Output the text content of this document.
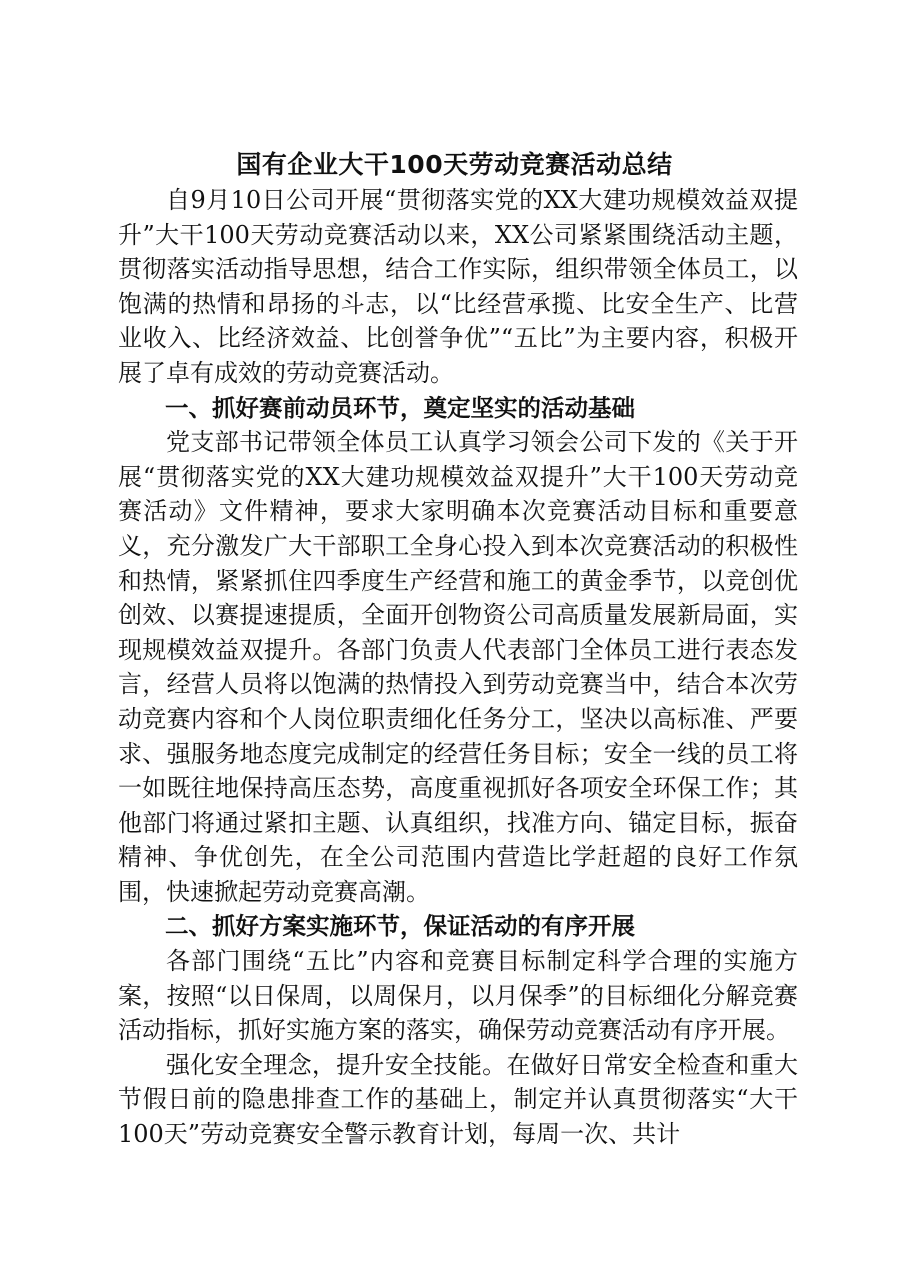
国有企业大干100天劳动竞赛活动总结

自9月10日公司开展“贯彻落实党的XX大建功规模效益双提升”大干100天劳动竞赛活动以来，XX公司紧紧围绕活动主题，贯彻落实活动指导思想，结合工作实际，组织带领全体员工，以饱满的热情和昂扬的斗志，以“比经营承揽、比安全生产、比营业收入、比经济效益、比创誉争优”“五比”为主要内容，积极开展了卓有成效的劳动竞赛活动。

一、抓好赛前动员环节，奠定坚实的活动基础

党支部书记带领全体员工认真学习领会公司下发的《关于开展“贯彻落实党的XX大建功规模效益双提升”大干100天劳动竞赛活动》文件精神，要求大家明确本次竞赛活动目标和重要意义，充分激发广大干部职工全身心投入到本次竞赛活动的积极性和热情，紧紧抓住四季度生产经营和施工的黄金季节，以竞创优创效、以赛提速提质，全面开创物资公司高质量发展新局面，实现规模效益双提升。各部门负责人代表部门全体员工进行表态发言，经营人员将以饱满的热情投入到劳动竞赛当中，结合本次劳动竞赛内容和个人岗位职责细化任务分工，坚决以高标准、严要求、强服务地态度完成制定的经营任务目标；安全一线的员工将一如既往地保持高压态势，高度重视抓好各项安全环保工作；其他部门将通过紧扣主题、认真组织，找准方向、锚定目标，振奋精神、争优创先，在全公司范围内营造比学赶超的良好工作氛围，快速掀起劳动竞赛高潮。

二、抓好方案实施环节，保证活动的有序开展

各部门围绕“五比”内容和竞赛目标制定科学合理的实施方案，按照“以日保周，以周保月，以月保季”的目标细化分解竞赛活动指标，抓好实施方案的落实，确保劳动竞赛活动有序开展。

强化安全理念，提升安全技能。在做好日常安全检查和重大节假日前的隐患排查工作的基础上，制定并认真贯彻落实“大干100天”劳动竞赛安全警示教育计划，每周一次、共计
